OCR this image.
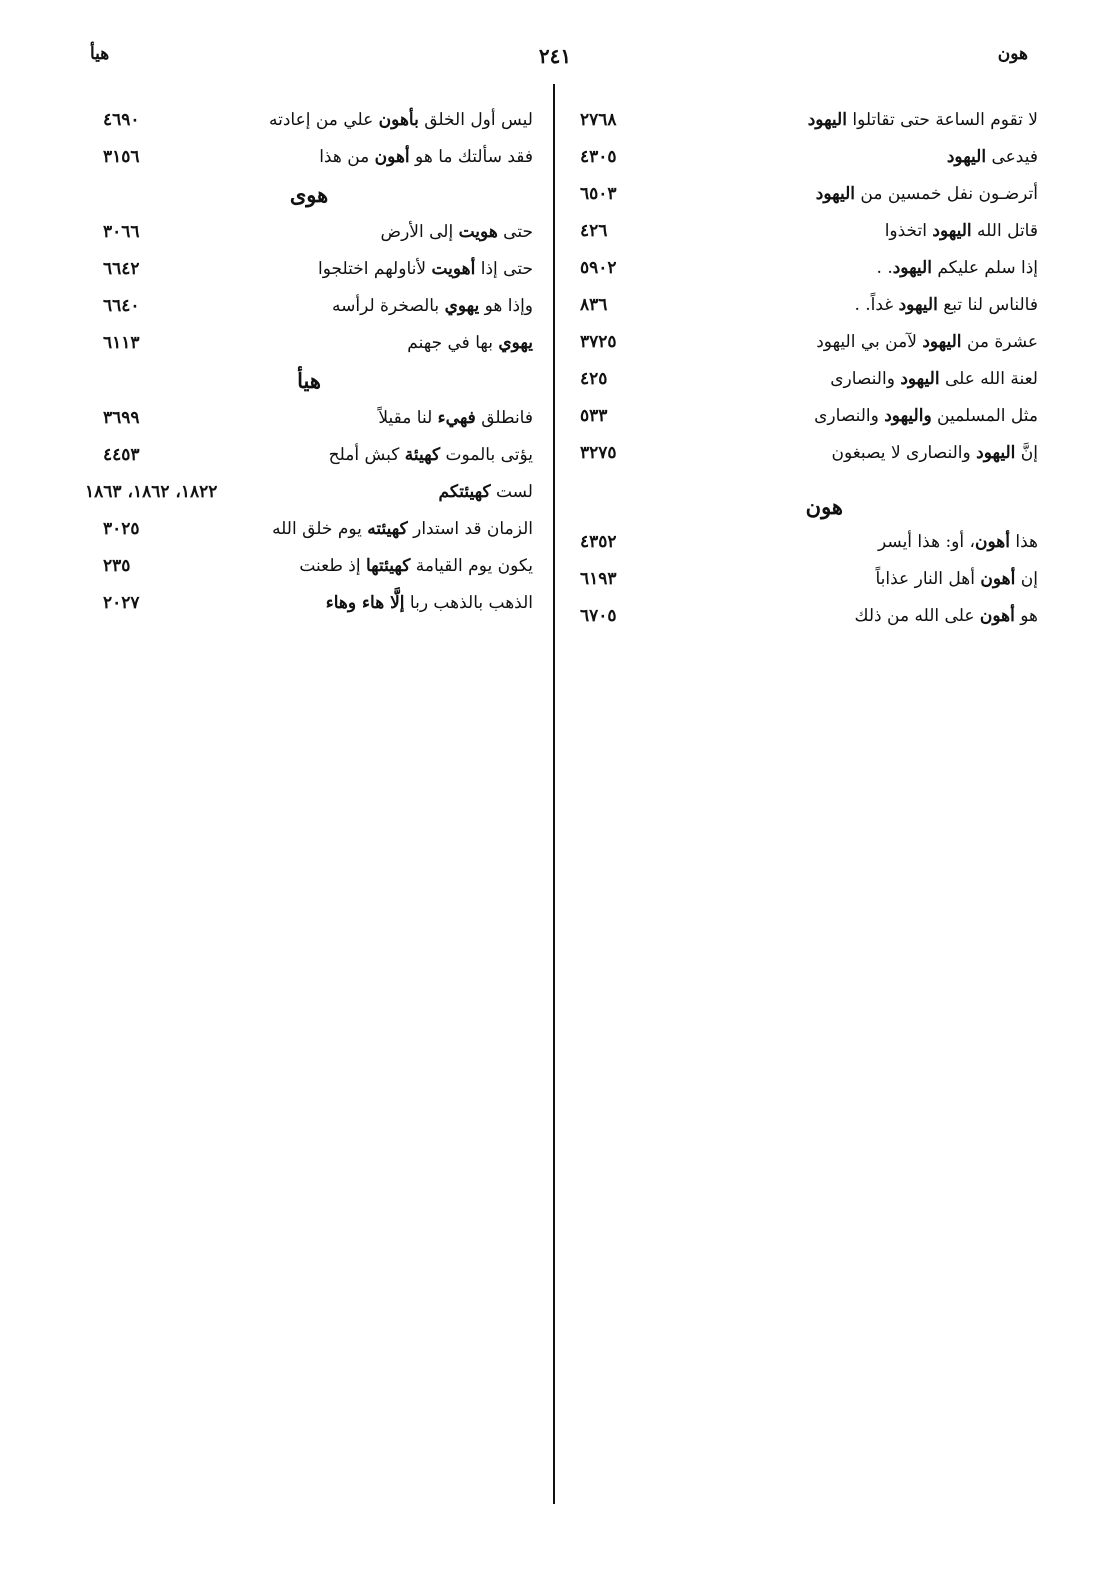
هون
٢٤١
هيأ
لا تقوم الساعة حتى تقاتلوا اليهود
٢٧٦٨
فيدعى اليهود
٤٣٠٥
أترضـون نفل خمسين من اليهود
٦٥٠٣
قاتل الله اليهود اتخذوا
٤٢٦
إذا سلم عليكم اليهود. .
٥٩٠٢
فالناس لنا تبع اليهود غداً. .
٨٣٦
عشرة من اليهود لآمن بي اليهود
٣٧٢٥
لعنة الله على اليهود والنصارى
٤٢٥
مثل المسلمين واليهود والنصارى
٥٣٣
إنَّ اليهود والنصارى لا يصبغون
٣٢٧٥
هون
هذا أهون، أو: هذا أيسر
٤٣٥٢
إن أهون أهل النار عذاباً
٦١٩٣
هو أهون على الله من ذلك
٦٧٠٥
ليس أول الخلق بأهون علي من إعادته
٤٦٩٠
فقد سألتك ما هو أهون من هذا
٣١٥٦
هوى
حتى هويت إلى الأرض
٣٠٦٦
حتى إذا أهويت لأناولهم اختلجوا
٦٦٤٢
وإذا هو يهوي بالصخرة لرأسه
٦٦٤٠
يهوي بها في جهنم
٦١١٣
هيأ
فانطلق فهيء لنا مقيلاً
٣٦٩٩
يؤتى بالموت كهيئة كبش أملح
٤٤٥٣
لست كهيئتكم
١٨٢٢، ١٨٦٢، ١٨٦٣
الزمان قد استدار كهيئته يوم خلق الله
٣٠٢٥
يكون يوم القيامة كهيئتها إذ طعنت
٢٣٥
الذهب بالذهب ربا إلَّا هاء وهاء
٢٠٢٧
